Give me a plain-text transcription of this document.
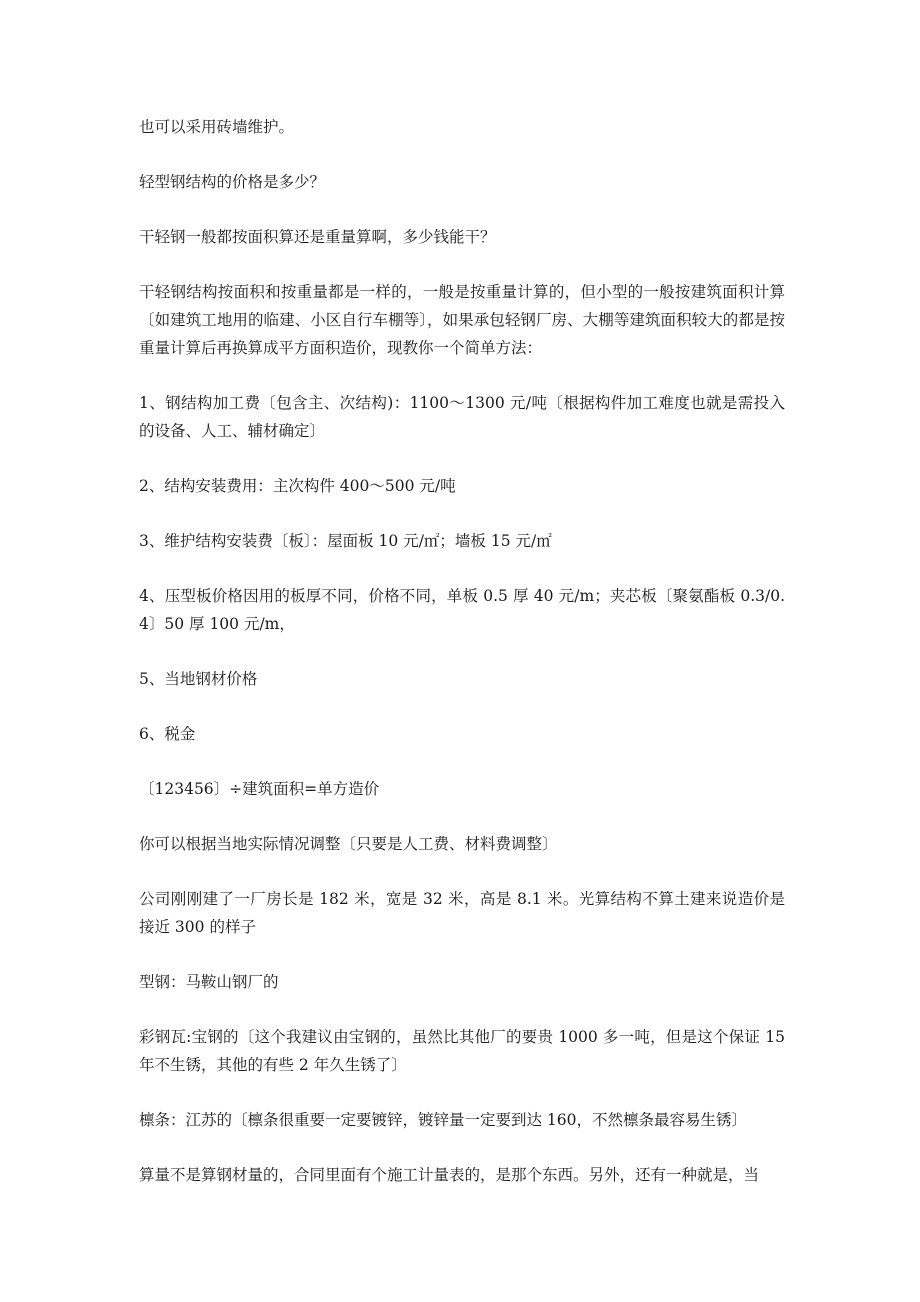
也可以采用砖墙维护。

轻型钢结构的价格是多少？

干轻钢一般都按面积算还是重量算啊，多少钱能干？

干轻钢结构按面积和按重量都是一样的，一般是按重量计算的，但小型的一般按建筑面积计算〔如建筑工地用的临建、小区自行车棚等〕，如果承包轻钢厂房、大棚等建筑面积较大的都是按重量计算后再换算成平方面积造价，现教你一个简单方法：

1、钢结构加工费〔包含主、次结构)：1100～1300 元/吨〔根据构件加工难度也就是需投入的设备、人工、辅材确定〕

2、结构安装费用：主次构件 400～500 元/吨

3、维护结构安装费〔板〕：屋面板 10 元/㎡；墙板 15 元/㎡

4、压型板价格因用的板厚不同，价格不同，单板 0.5 厚 40 元/m；夹芯板〔聚氨酯板 0.3/0.4〕50 厚 100 元/m，

5、当地钢材价格

6、税金

〔123456〕÷建筑面积=单方造价

你可以根据当地实际情况调整〔只要是人工费、材料费调整〕

公司刚刚建了一厂房长是 182 米，宽是 32 米，高是 8.1 米。光算结构不算土建来说造价是接近 300 的样子

型钢：马鞍山钢厂的

彩钢瓦:宝钢的〔这个我建议由宝钢的，虽然比其他厂的要贵 1000 多一吨，但是这个保证 15 年不生锈，其他的有些 2 年久生锈了〕

檩条：江苏的〔檩条很重要一定要镀锌，镀锌量一定要到达 160，不然檩条最容易生锈〕

算量不是算钢材量的，合同里面有个施工计量表的，是那个东西。另外，还有一种就是，当
